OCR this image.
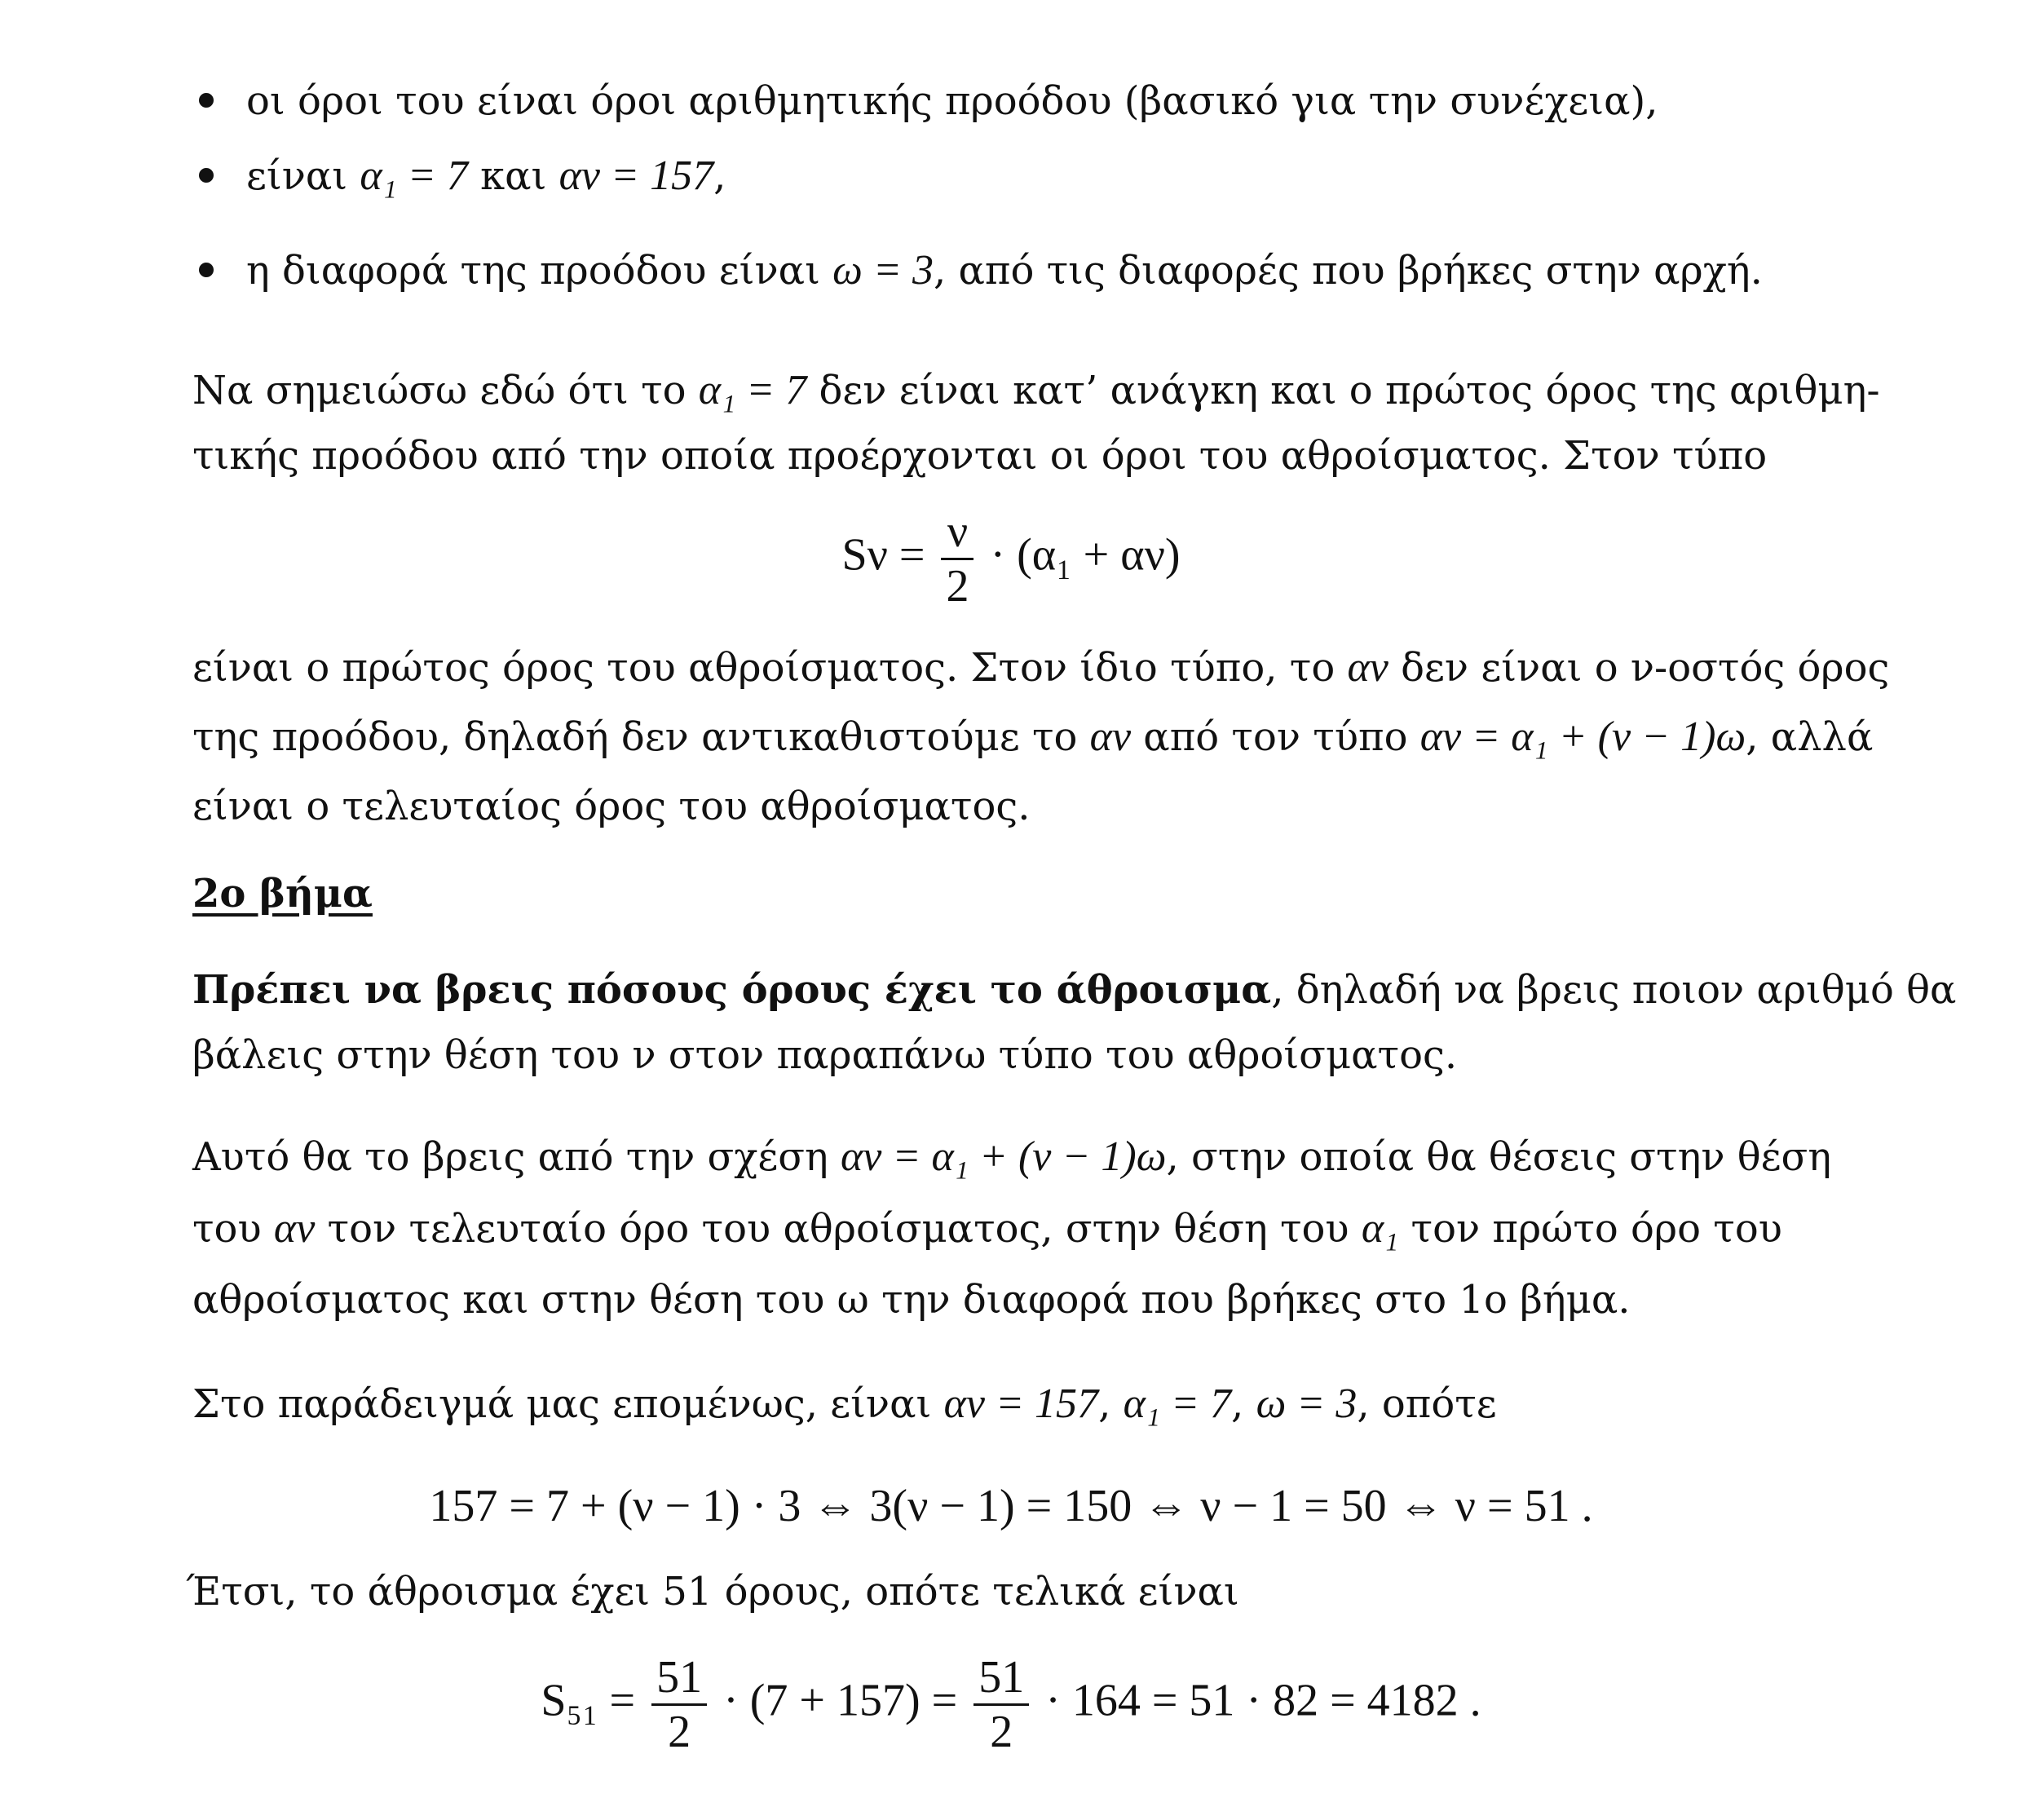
οι όροι του είναι όροι αριθμητικής προόδου (βασικό για την συνέχεια),
είναι α₁ = 7 και αν = 157,
η διαφορά της προόδου είναι ω = 3, από τις διαφορές που βρήκες στην αρχή.
Να σημειώσω εδώ ότι το α₁ = 7 δεν είναι κατ’ ανάγκη και ο πρώτος όρος της αριθμη-
τικής προόδου από την οποία προέρχονται οι όροι του αθροίσματος. Στον τύπο
$S\nu = \frac{\nu}{2} \cdot (\alpha_1 + \alpha\nu)$
είναι ο πρώτος όρος του αθροίσματος. Στον ίδιο τύπο, το αν δεν είναι ο ν-οστός όρος
της προόδου, δηλαδή δεν αντικαθιστούμε το αν από τον τύπο αν = α₁ + (ν − 1)ω, αλλά
είναι ο τελευταίος όρος του αθροίσματος.
2ο βήμα
Πρέπει να βρεις πόσους όρους έχει το άθροισμα, δηλαδή να βρεις ποιον αριθμό θα
βάλεις στην θέση του ν στον παραπάνω τύπο του αθροίσματος.
Αυτό θα το βρεις από την σχέση αν = α₁ + (ν − 1)ω, στην οποία θα θέσεις στην θέση
του αν τον τελευταίο όρο του αθροίσματος, στην θέση του α₁ τον πρώτο όρο του
αθροίσματος και στην θέση του ω την διαφορά που βρήκες στο 1ο βήμα.
Στο παράδειγμά μας επομένως, είναι αν = 157, α₁ = 7, ω = 3, οπότε
157 = 7 + (ν − 1) · 3 ⇔ 3(ν − 1) = 150 ⇔ ν − 1 = 50 ⇔ ν = 51 .
Έτσι, το άθροισμα έχει 51 όρους, οπότε τελικά είναι
$S_{51} = \frac{51}{2} \cdot (7 + 157) = \frac{51}{2} \cdot 164 = 51 \cdot 82 = 4182$ .
